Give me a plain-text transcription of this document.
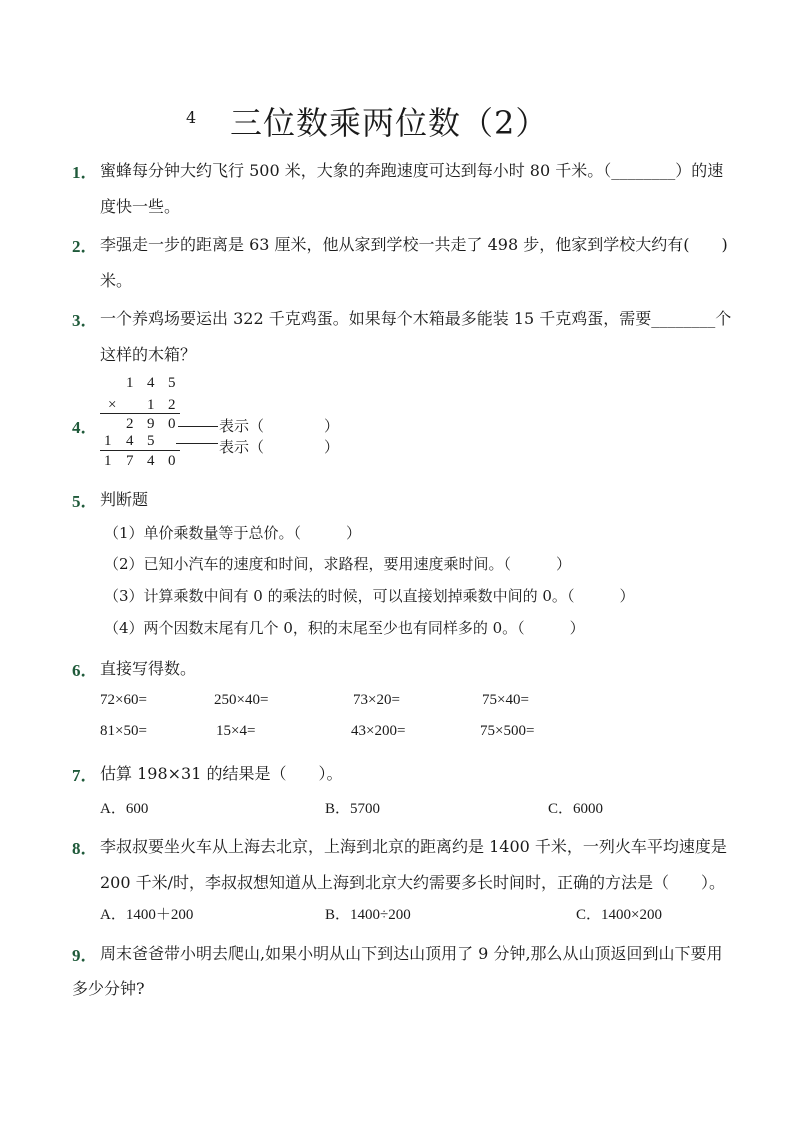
4 三位数乘两位数（2）
1． 蜜蜂每分钟大约飞行 500 米，大象的奔跑速度可达到每小时 80 千米。（________）的速
度快一些。
2． 李强走一步的距离是 63 厘米，他从家到学校一共走了 498 步，他家到学校大约有(　　)
米。
3． 一个养鸡场要运出 322 千克鸡蛋。如果每个木箱最多能装 15 千克鸡蛋，需要________个
这样的木箱？
4．
1 4 5
× 1 2
2 9 0	表示（　　　　）
1 4 5	表示（　　　　）
1 7 4 0
5． 判断题
（1）单价乘数量等于总价。（　　　）
（2）已知小汽车的速度和时间，求路程，要用速度乘时间。（　　　）
（3）计算乘数中间有 0 的乘法的时候，可以直接划掉乘数中间的 0。（　　　）
（4）两个因数末尾有几个 0，积的末尾至少也有同样多的 0。（　　　）
6． 直接写得数。
72×60=	250×40=	73×20=	75×40=
81×50=	15×4=	43×200=	75×500=
7． 估算 198×31 的结果是（　　）。
A．600	B．5700	C．6000
8． 李叔叔要坐火车从上海去北京，上海到北京的距离约是 1400 千米，一列火车平均速度是
200 千米/时，李叔叔想知道从上海到北京大约需要多长时间时，正确的方法是（　　）。
A．1400＋200	B．1400÷200	C．1400×200
9． 周末爸爸带小明去爬山,如果小明从山下到达山顶用了 9 分钟,那么从山顶返回到山下要用
多少分钟?
